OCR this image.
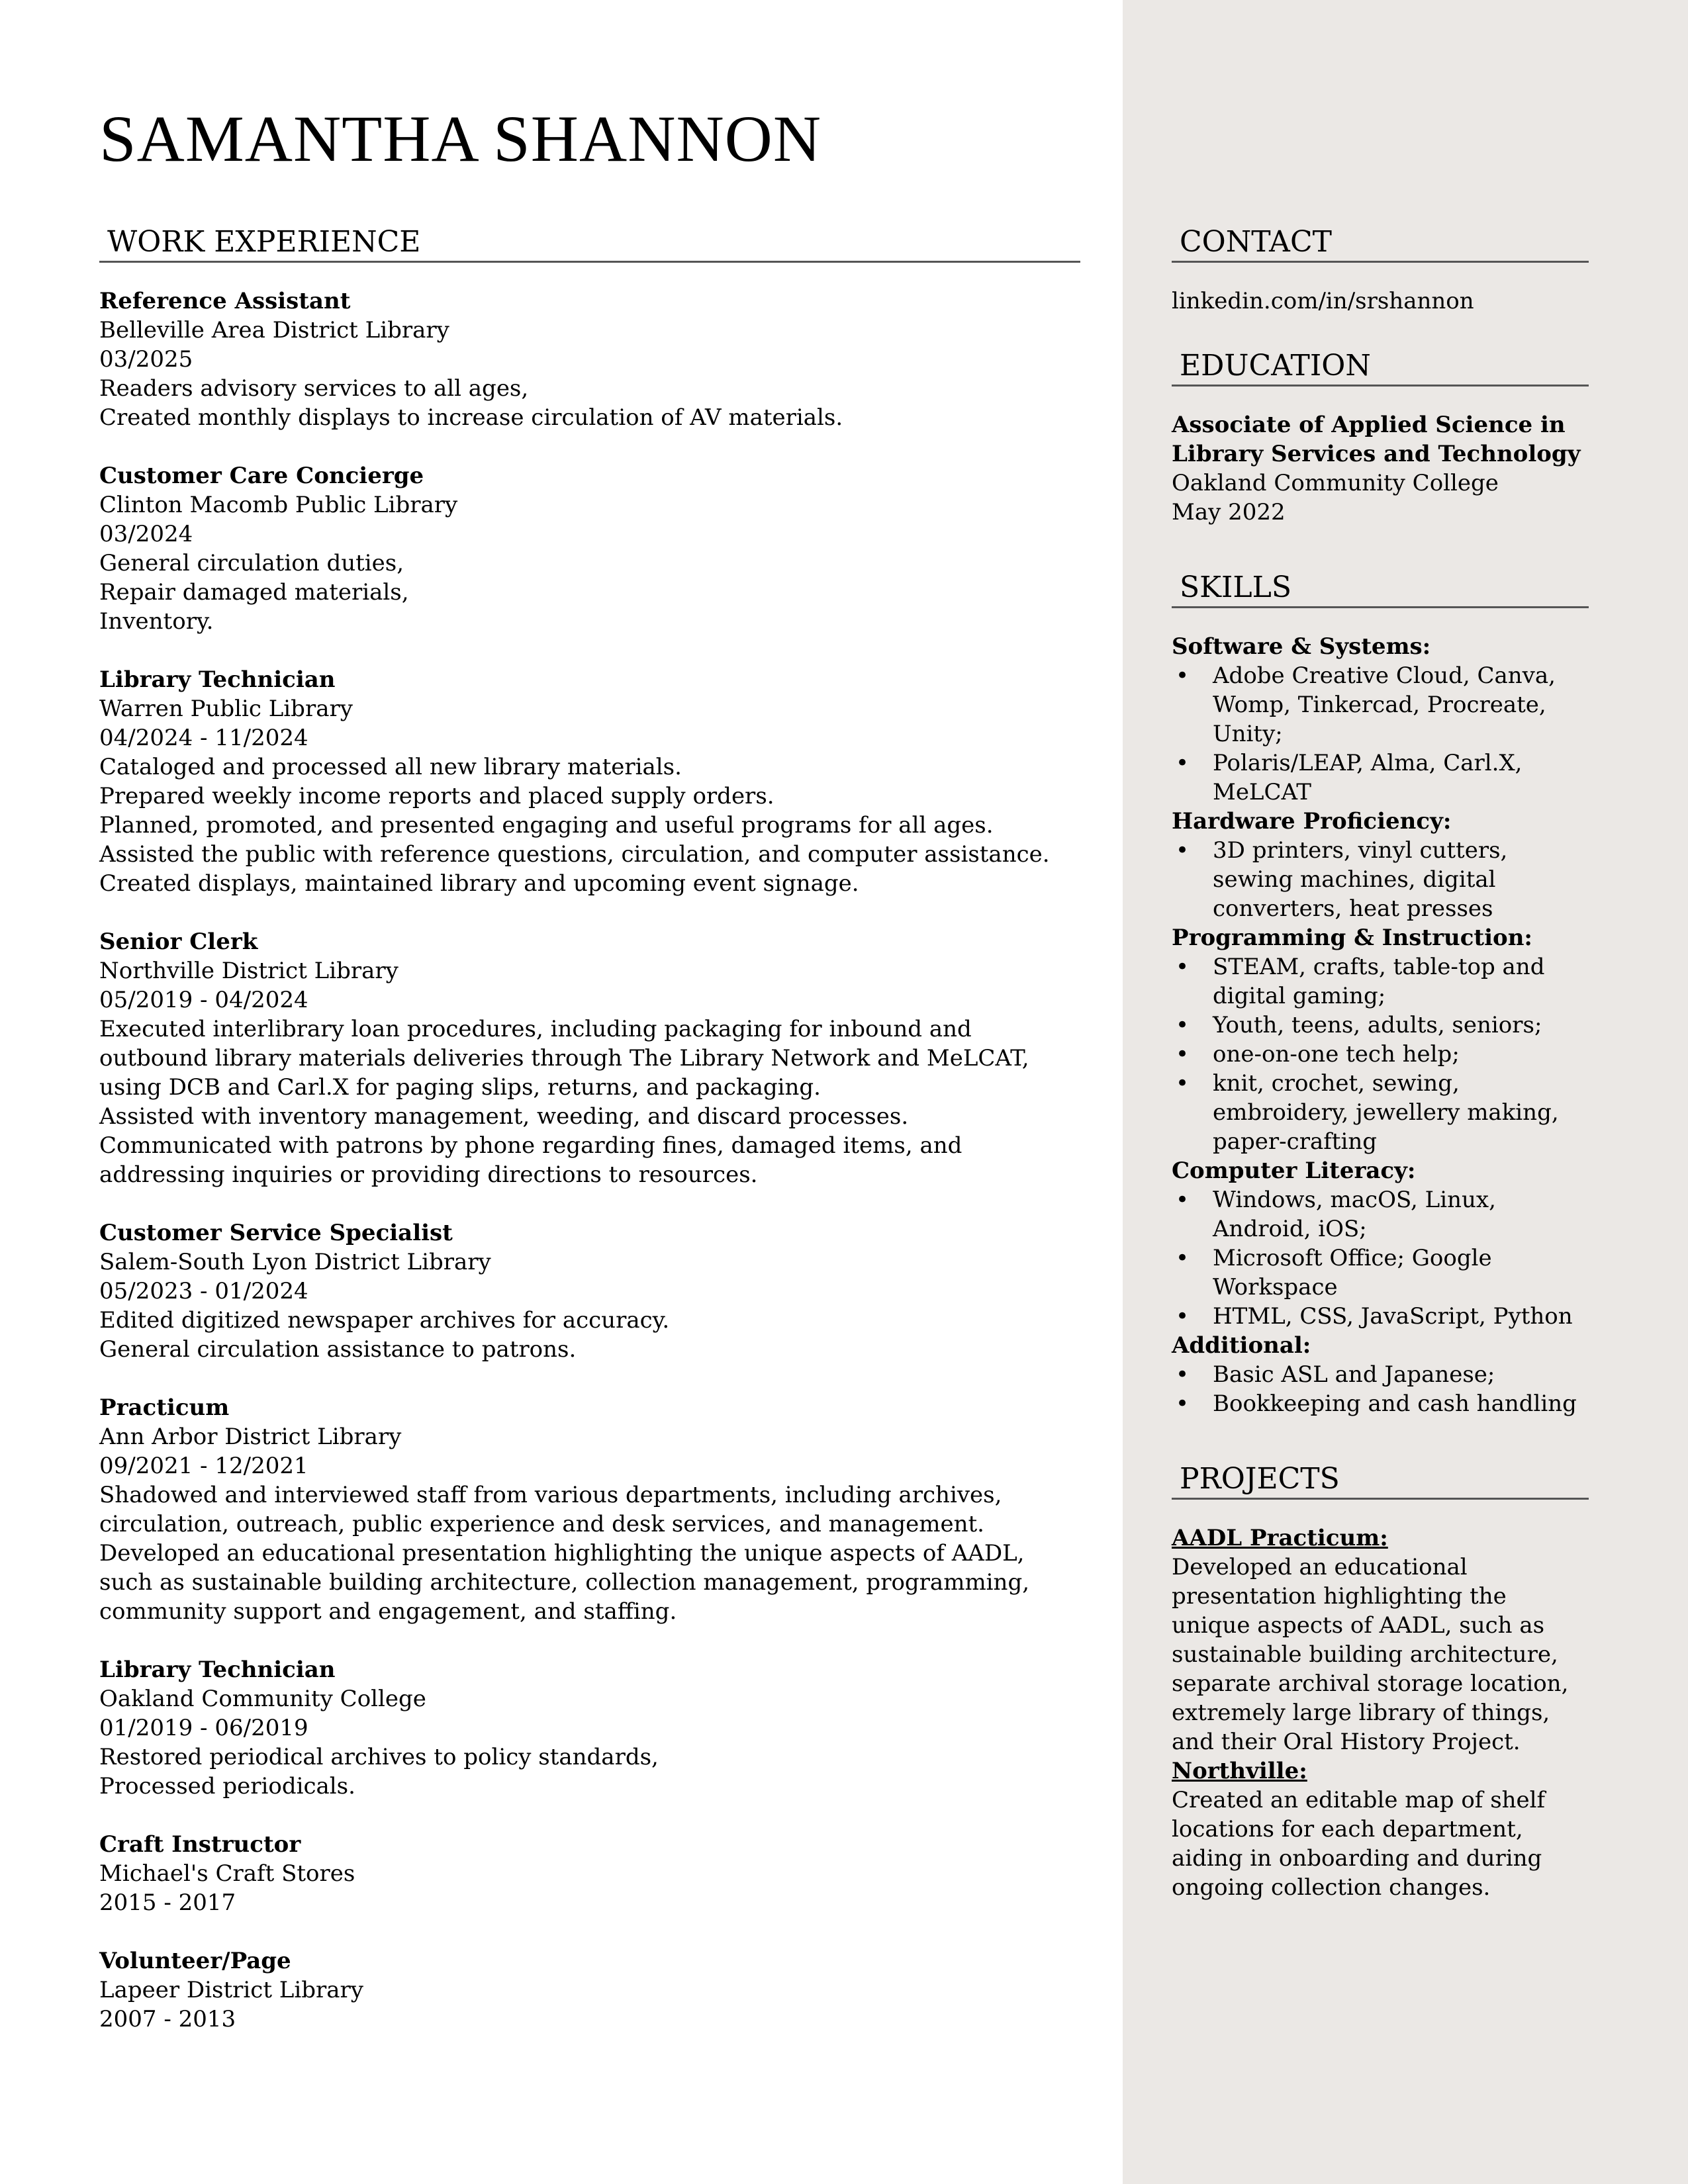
SAMANTHA SHANNON
WORK EXPERIENCE
Reference Assistant
Belleville Area District Library
03/2025
Readers advisory services to all ages,
Created monthly displays to increase circulation of AV materials.
Customer Care Concierge
Clinton Macomb Public Library
03/2024
General circulation duties,
Repair damaged materials,
Inventory.
Library Technician
Warren Public Library
04/2024 - 11/2024
Cataloged and processed all new library materials.
Prepared weekly income reports and placed supply orders.
Planned, promoted, and presented engaging and useful programs for all ages.
Assisted the public with reference questions, circulation, and computer assistance.
Created displays, maintained library and upcoming event signage.
Senior Clerk
Northville District Library
05/2019 - 04/2024
Executed interlibrary loan procedures, including packaging for inbound and outbound library materials deliveries through The Library Network and MeLCAT, using DCB and Carl.X for paging slips, returns, and packaging.
Assisted with inventory management, weeding, and discard processes.
Communicated with patrons by phone regarding fines, damaged items, and addressing inquiries or providing directions to resources.
Customer Service Specialist
Salem-South Lyon District Library
05/2023 - 01/2024
Edited digitized newspaper archives for accuracy.
General circulation assistance to patrons.
Practicum
Ann Arbor District Library
09/2021 - 12/2021
Shadowed and interviewed staff from various departments, including archives, circulation, outreach, public experience and desk services, and management.
Developed an educational presentation highlighting the unique aspects of AADL, such as sustainable building architecture, collection management, programming, community support and engagement, and staffing.
Library Technician
Oakland Community College
01/2019 - 06/2019
Restored periodical archives to policy standards,
Processed periodicals.
Craft Instructor
Michael's Craft Stores
2015 - 2017
Volunteer/Page
Lapeer District Library
2007 - 2013
CONTACT
linkedin.com/in/srshannon
EDUCATION
Associate of Applied Science in
Library Services and Technology
Oakland Community College
May 2022
SKILLS
Software & Systems:
• Adobe Creative Cloud, Canva, Womp, Tinkercad, Procreate, Unity;
• Polaris/LEAP, Alma, Carl.X, MeLCAT
Hardware Proficiency:
• 3D printers, vinyl cutters, sewing machines, digital converters, heat presses
Programming & Instruction:
• STEAM, crafts, table-top and digital gaming;
• Youth, teens, adults, seniors;
• one-on-one tech help;
• knit, crochet, sewing, embroidery, jewellery making, paper-crafting
Computer Literacy:
• Windows, macOS, Linux, Android, iOS;
• Microsoft Office; Google Workspace
• HTML, CSS, JavaScript, Python
Additional:
• Basic ASL and Japanese;
• Bookkeeping and cash handling
PROJECTS
AADL Practicum:
Developed an educational presentation highlighting the unique aspects of AADL, such as sustainable building architecture,
separate archival storage location, extremely large library of things, and their Oral History Project.
Northville:
Created an editable map of shelf locations for each department, aiding in onboarding and during ongoing collection changes.
